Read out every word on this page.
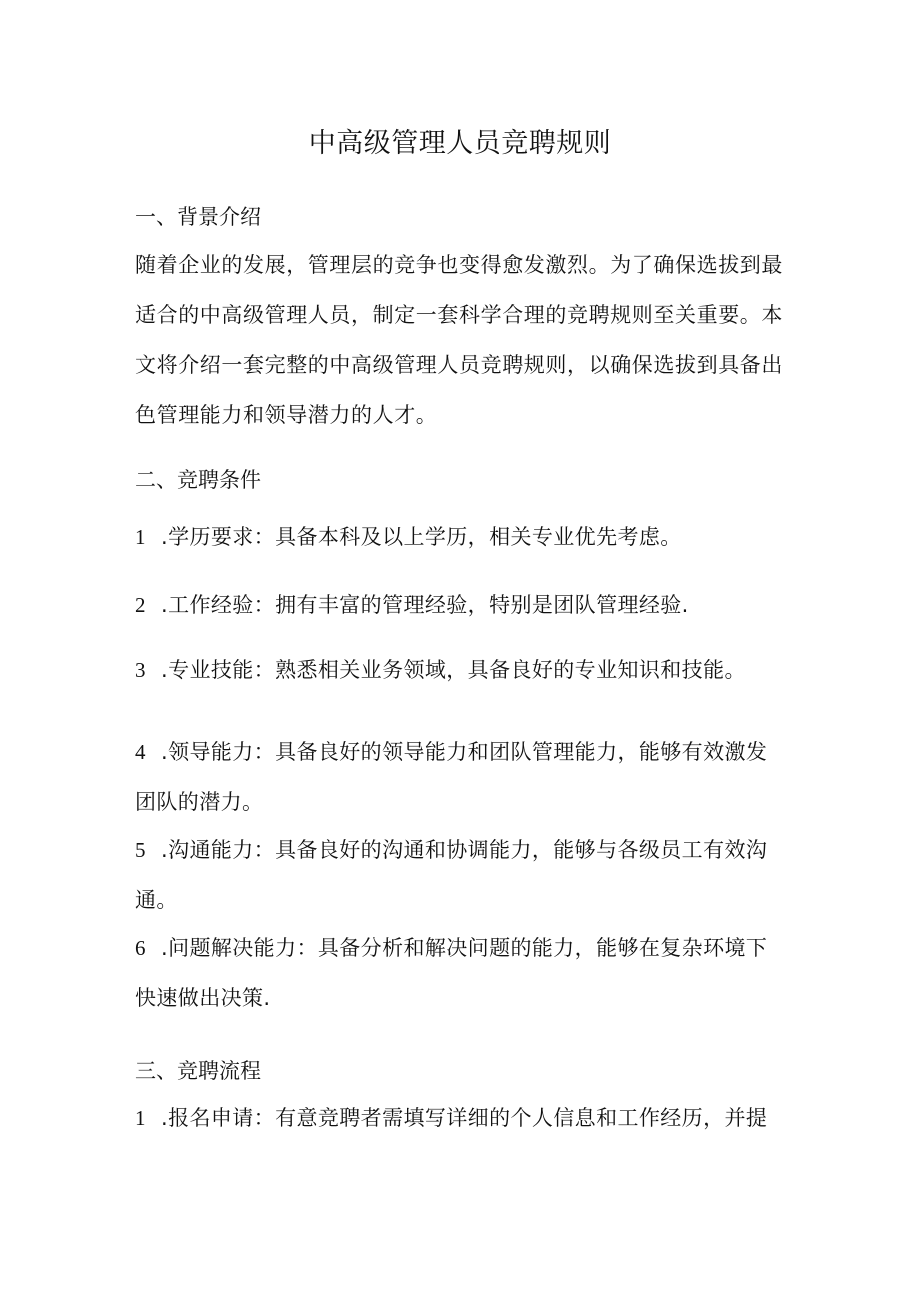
中高级管理人员竞聘规则
一、背景介绍
随着企业的发展，管理层的竞争也变得愈发激烈。为了确保选拔到最适合的中高级管理人员，制定一套科学合理的竞聘规则至关重要。本文将介绍一套完整的中高级管理人员竞聘规则，以确保选拔到具备出色管理能力和领导潜力的人才。
二、竞聘条件
1 .学历要求：具备本科及以上学历，相关专业优先考虑。
2 .工作经验：拥有丰富的管理经验，特别是团队管理经验.
3 .专业技能：熟悉相关业务领域，具备良好的专业知识和技能。
4 .领导能力：具备良好的领导能力和团队管理能力，能够有效激发团队的潜力。
5 .沟通能力：具备良好的沟通和协调能力，能够与各级员工有效沟通。
6 .问题解决能力：具备分析和解决问题的能力，能够在复杂环境下快速做出决策.
三、竞聘流程
1 .报名申请：有意竞聘者需填写详细的个人信息和工作经历，并提
